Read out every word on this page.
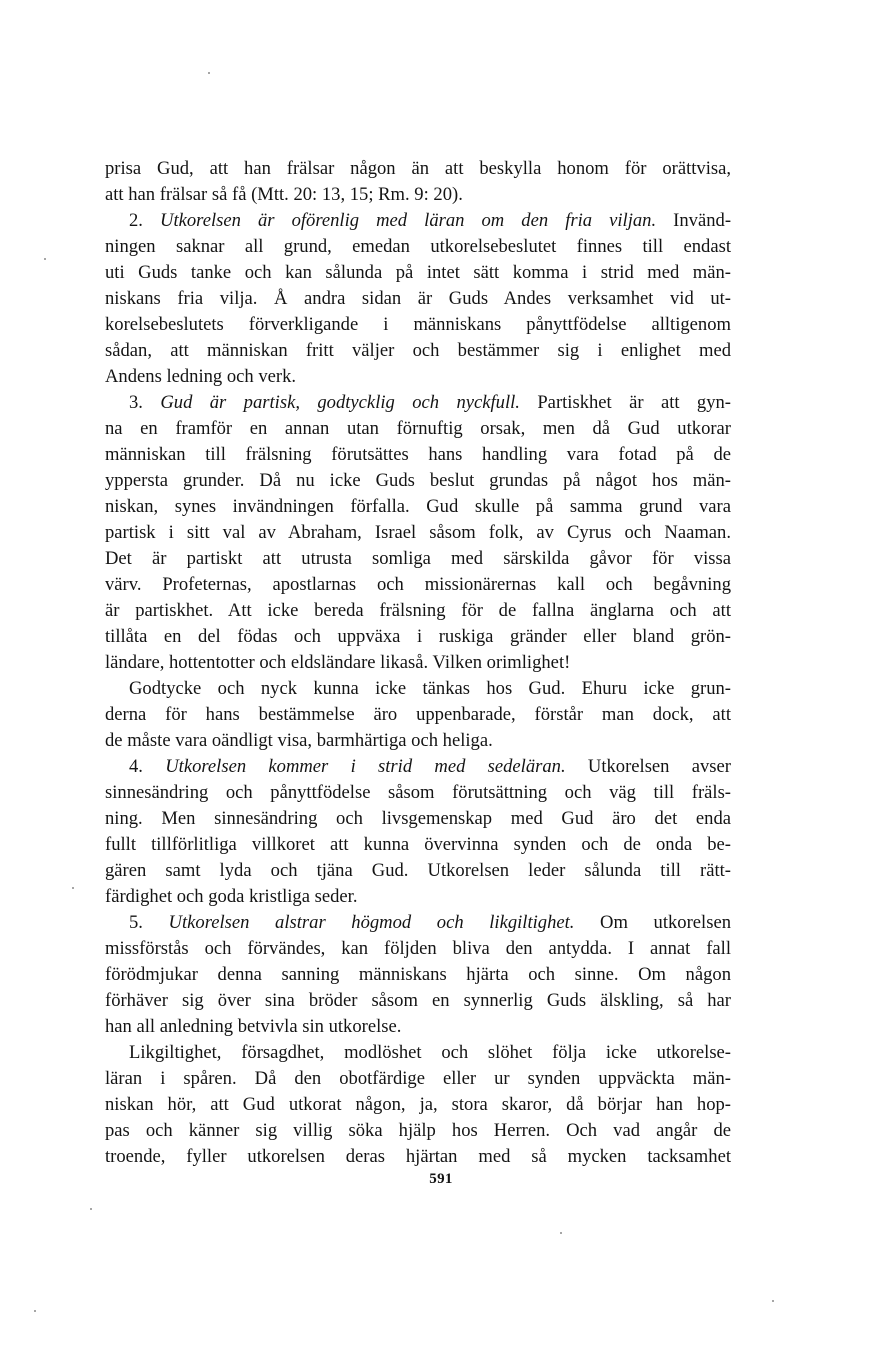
prisa Gud, att han frälsar någon än att beskylla honom för orättvisa,
att han frälsar så få (Mtt. 20: 13, 15; Rm. 9: 20).
2. Utkorelsen är oförenlig med läran om den fria viljan. Invänd-
ningen saknar all grund, emedan utkorelsebeslutet finnes till endast
uti Guds tanke och kan sålunda på intet sätt komma i strid med män-
niskans fria vilja. Å andra sidan är Guds Andes verksamhet vid ut-
korelsebeslutets förverkligande i människans pånyttfödelse alltigenom
sådan, att människan fritt väljer och bestämmer sig i enlighet med
Andens ledning och verk.
3. Gud är partisk, godtycklig och nyckfull. Partiskhet är att gyn-
na en framför en annan utan förnuftig orsak, men då Gud utkorar
människan till frälsning förutsättes hans handling vara fotad på de
yppersta grunder. Då nu icke Guds beslut grundas på något hos män-
niskan, synes invändningen förfalla. Gud skulle på samma grund vara
partisk i sitt val av Abraham, Israel såsom folk, av Cyrus och Naaman.
Det är partiskt att utrusta somliga med särskilda gåvor för vissa
värv. Profeternas, apostlarnas och missionärernas kall och begåvning
är partiskhet. Att icke bereda frälsning för de fallna änglarna och att
tillåta en del födas och uppväxa i ruskiga gränder eller bland grön-
ländare, hottentotter och eldsländare likaså. Vilken orimlighet!
Godtycke och nyck kunna icke tänkas hos Gud. Ehuru icke grun-
derna för hans bestämmelse äro uppenbarade, förstår man dock, att
de måste vara oändligt visa, barmhärtiga och heliga.
4. Utkorelsen kommer i strid med sedeläran. Utkorelsen avser
sinnesändring och pånyttfödelse såsom förutsättning och väg till fräls-
ning. Men sinnesändring och livsgemenskap med Gud äro det enda
fullt tillförlitliga villkoret att kunna övervinna synden och de onda be-
gären samt lyda och tjäna Gud. Utkorelsen leder sålunda till rätt-
färdighet och goda kristliga seder.
5. Utkorelsen alstrar högmod och likgiltighet. Om utkorelsen
missförstås och förvändes, kan följden bliva den antydda. I annat fall
förödmjukar denna sanning människans hjärta och sinne. Om någon
förhäver sig över sina bröder såsom en synnerlig Guds älskling, så har
han all anledning betvivla sin utkorelse.
Likgiltighet, försagdhet, modlöshet och slöhet följa icke utkorelse-
läran i spåren. Då den obotfärdige eller ur synden uppväckta män-
niskan hör, att Gud utkorat någon, ja, stora skaror, då börjar han hop-
pas och känner sig villig söka hjälp hos Herren. Och vad angår de
troende, fyller utkorelsen deras hjärtan med så mycken tacksamhet
591
